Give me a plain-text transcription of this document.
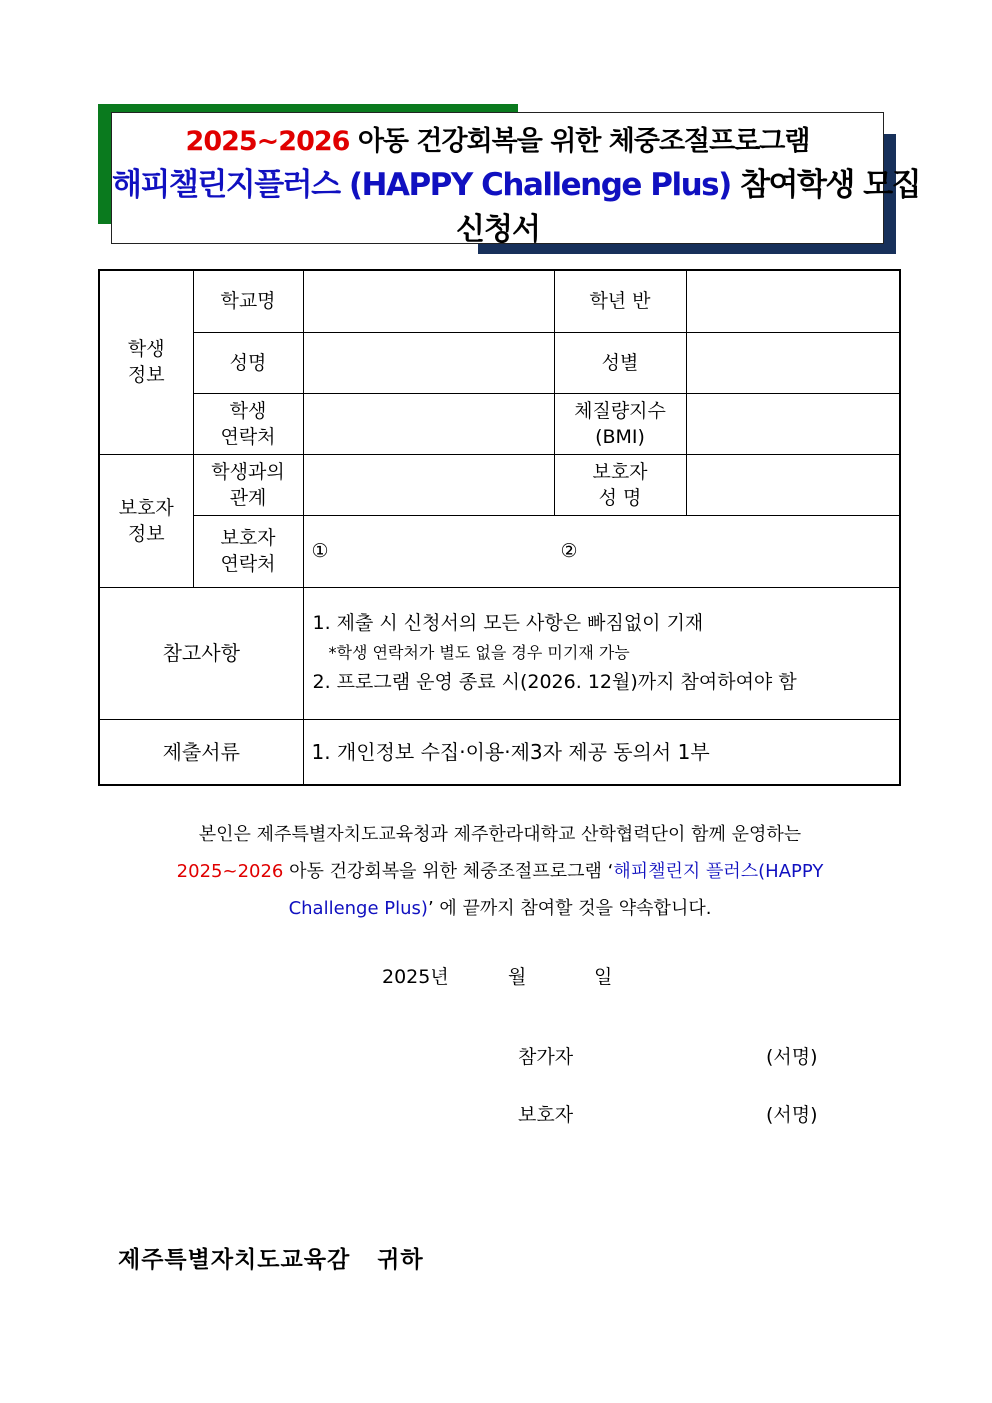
2025~2026 아동 건강회복을 위한 체중조절프로그램
해피챌린지플러스 (HAPPY Challenge Plus) 참여학생 모집
신청서
학생 정보	학교명		학년 반	
	성명		성별	
	학생
연락처		체질량지수
(BMI)	
보호자 정보	학생과의
관계		보호자
성 명	
	보호자
연락처	① ②		
참고사항		1. 제출 시 신청서의 모든 사항은 빠짐없이 기재

*학생 연락처가 별도 없을 경우 미기재 가능
2. 프로그램 운영 종료 시(2026. 12월)까지 참여하여야 함		
제출서류		1. 개인정보 수집·이용·제3자 제공 동의서 1부		
본인은 제주특별자치도교육청과 제주한라대학교 산학협력단이 함께 운영하는
2025~2026 아동 건강회복을 위한 체중조절프로그램 ‘해피챌린지 플러스(HAPPY Challenge Plus)’ 에 끝까지 참여할 것을 약속합니다.
2025년	월	일
참가자	(서명)
보호자	(서명)
제주특별자치도교육감   귀하
